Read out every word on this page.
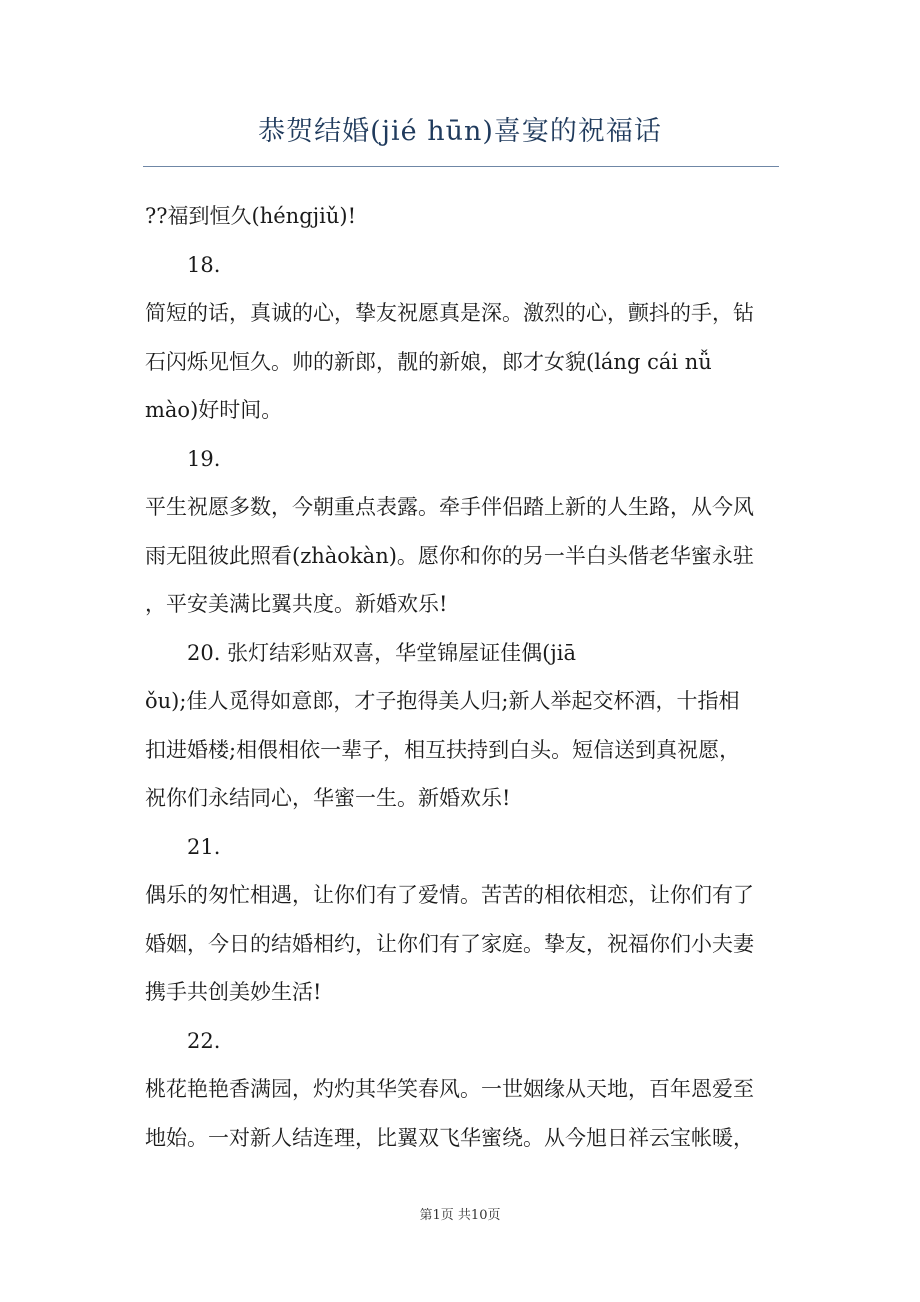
恭贺结婚(jié hūn)喜宴的祝福话
??福到恒久(héngjiǔ)!
18.
简短的话，真诚的心，挚友祝愿真是深。激烈的心，颤抖的手，钻
石闪烁见恒久。帅的新郎，靓的新娘，郎才女貌(láng cái nǚ
mào)好时间。
19.
平生祝愿多数，今朝重点表露。牵手伴侣踏上新的人生路，从今风
雨无阻彼此照看(zhàokàn)。愿你和你的另一半白头偕老华蜜永驻
，平安美满比翼共度。新婚欢乐!
20. 张灯结彩贴双喜，华堂锦屋证佳偶(jiā
ǒu);佳人觅得如意郎，才子抱得美人归;新人举起交杯酒，十指相
扣进婚楼;相偎相依一辈子，相互扶持到白头。短信送到真祝愿，
祝你们永结同心，华蜜一生。新婚欢乐!
21.
偶乐的匆忙相遇，让你们有了爱情。苦苦的相依相恋，让你们有了
婚姻，今日的结婚相约，让你们有了家庭。挚友，祝福你们小夫妻
携手共创美妙生活!
22.
桃花艳艳香满园，灼灼其华笑春风。一世姻缘从天地，百年恩爱至
地始。一对新人结连理，比翼双飞华蜜绕。从今旭日祥云宝帐暖，
第1页 共10页
